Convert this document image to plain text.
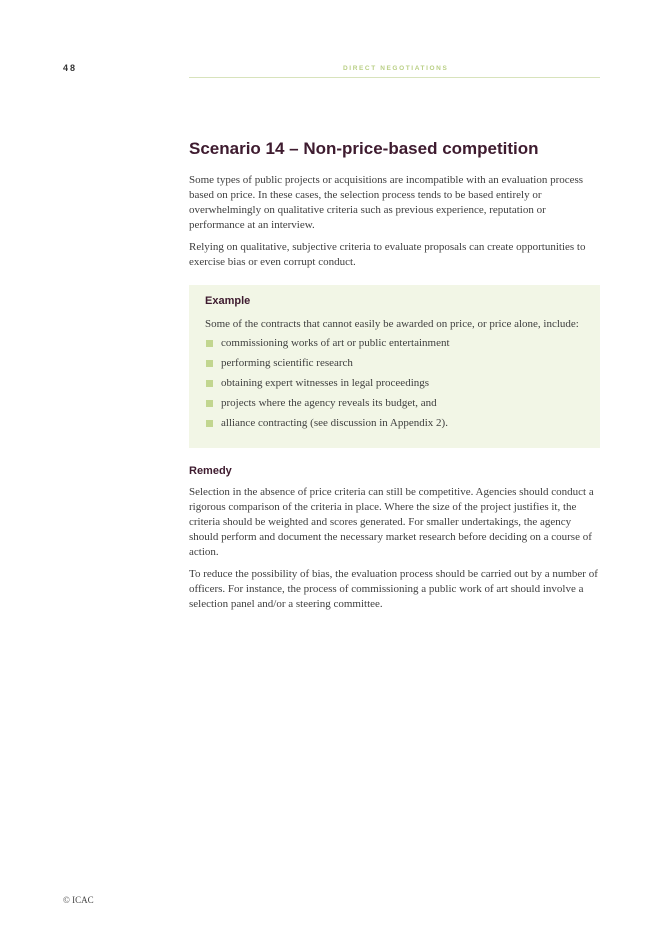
48	DIRECT NEGOTIATIONS
Scenario 14 – Non-price-based competition

Some types of public projects or acquisitions are incompatible with an evaluation process based on price. In these cases, the selection process tends to be based entirely or overwhelmingly on qualitative criteria such as previous experience, reputation or performance at an interview.

Relying on qualitative, subjective criteria to evaluate proposals can create opportunities to exercise bias or even corrupt conduct.

Example

Some of the contracts that cannot easily be awarded on price, or price alone, include:

commissioning works of art or public entertainment
performing scientific research
obtaining expert witnesses in legal proceedings
projects where the agency reveals its budget, and
alliance contracting (see discussion in Appendix 2).
Remedy

Selection in the absence of price criteria can still be competitive. Agencies should conduct a rigorous comparison of the criteria in place. Where the size of the project justifies it, the criteria should be weighted and scores generated. For smaller undertakings, the agency should perform and document the necessary market research before deciding on a course of action.

To reduce the possibility of bias, the evaluation process should be carried out by a number of officers. For instance, the process of commissioning a public work of art should involve a selection panel and/or a steering committee.

© ICAC
